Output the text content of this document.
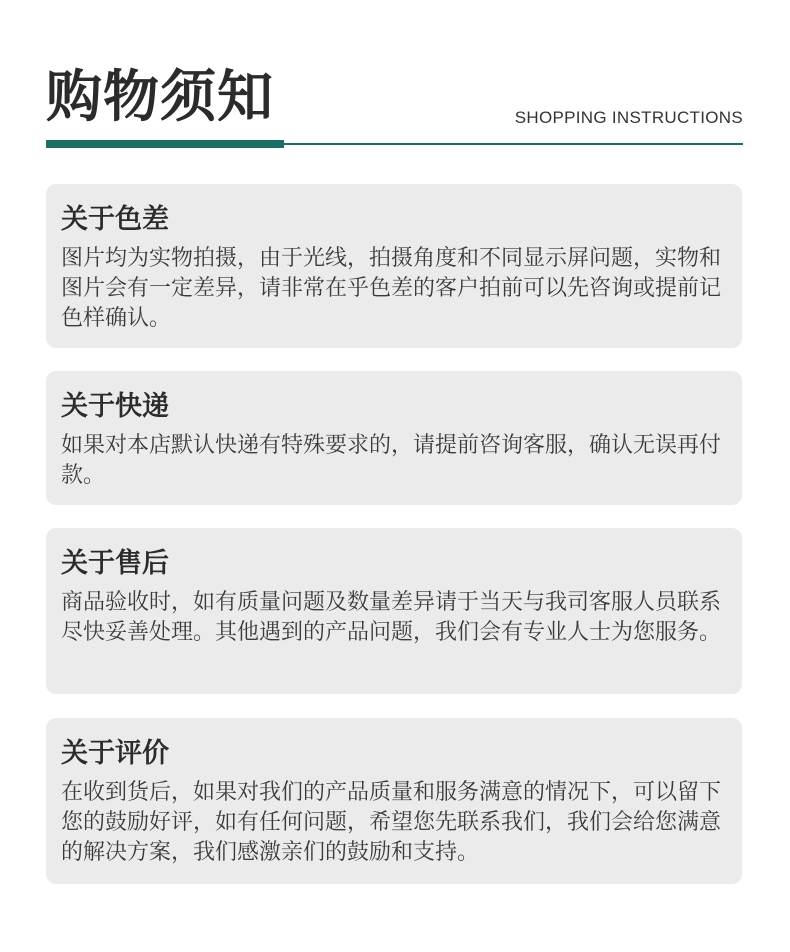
购物须知	SHOPPING INSTRUCTIONS
关于色差

图片均为实物拍摄，由于光线，拍摄角度和不同显示屏问题，实物和图片会有一定差异，请非常在乎色差的客户拍前可以先咨询或提前记色样确认。

关于快递

如果对本店默认快递有特殊要求的，请提前咨询客服，确认无误再付款。

关于售后

商品验收时，如有质量问题及数量差异请于当天与我司客服人员联系尽快妥善处理。其他遇到的产品问题，我们会有专业人士为您服务。

关于评价

在收到货后，如果对我们的产品质量和服务满意的情况下，可以留下您的鼓励好评，如有任何问题，希望您先联系我们，我们会给您满意的解决方案，我们感激亲们的鼓励和支持。
